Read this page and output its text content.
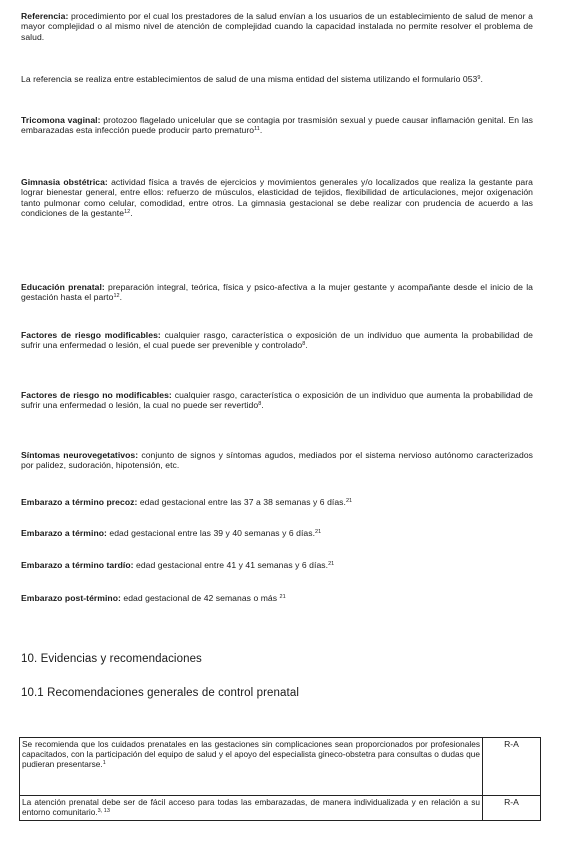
Referencia: procedimiento por el cual los prestadores de la salud envían a los usuarios de un establecimiento de salud de menor a mayor complejidad o al mismo nivel de atención de complejidad cuando la capacidad instalada no permite resolver el problema de salud.
La referencia se realiza entre establecimientos de salud de una misma entidad del sistema utilizando el formulario $053^9$.
Tricomona vaginal: protozoo flagelado unicelular que se contagia por trasmisión sexual y puede causar inflamación genital. En las embarazadas esta infección puede producir parto prematuro$^{11}$.
Gimnasia obstétrica: actividad física a través de ejercicios y movimientos generales y/o localizados que realiza la gestante para lograr bienestar general, entre ellos: refuerzo de músculos, elasticidad de tejidos, flexibilidad de articulaciones, mejor oxigenación tanto pulmonar como celular, comodidad, entre otros. La gimnasia gestacional se debe realizar con prudencia de acuerdo a las condiciones de la gestante$^{12}$.
Educación prenatal: preparación integral, teórica, física y psico-afectiva a la mujer gestante y acompañante desde el inicio de la gestación hasta el parto$^{12}$.
Factores de riesgo modificables: cualquier rasgo, característica o exposición de un individuo que aumenta la probabilidad de sufrir una enfermedad o lesión, el cual puede ser prevenible y controlado$^8$.
Factores de riesgo no modificables: cualquier rasgo, característica o exposición de un individuo que aumenta la probabilidad de sufrir una enfermedad o lesión, la cual no puede ser revertido$^8$.
Síntomas neurovegetativos: conjunto de signos y síntomas agudos, mediados por el sistema nervioso autónomo caracterizados por palidez, sudoración, hipotensión, etc.
Embarazo a término precoz: edad gestacional entre las 37 a 38 semanas y 6 días.$^{21}$
Embarazo a término: edad gestacional entre las 39 y 40 semanas y 6 días.$^{21}$
Embarazo a término tardío: edad gestacional entre 41 y 41 semanas y 6 días.$^{21}$
Embarazo post-término: edad gestacional de 42 semanas o más $^{21}$
10. Evidencias y recomendaciones
10.1 Recomendaciones generales de control prenatal
Se recomienda que los cuidados prenatales en las gestaciones sin complicaciones sean proporcionados por profesionales capacitados, con la participación del equipo de salud y el apoyo del especialista gineco-obstetra para consultas o dudas que pudieran presentarse.$^1$	R-A
La atención prenatal debe ser de fácil acceso para todas las embarazadas, de manera individualizada y en relación a su entorno comunitario.$^{3, 13}$	R-A
